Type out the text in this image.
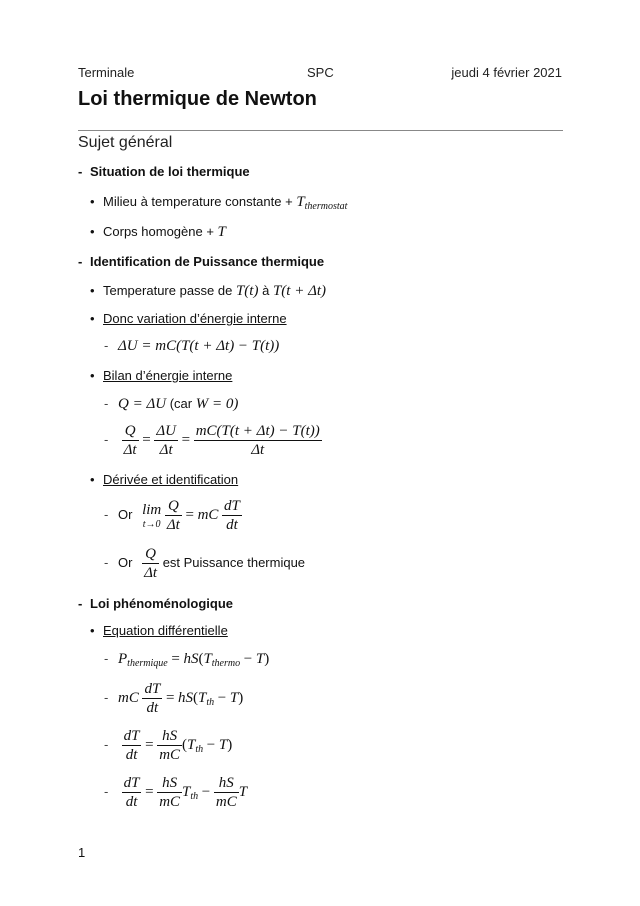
Terminale	SPC	jeudi 4 février 2021
Loi thermique de Newton
Sujet général
- Situation de loi thermique
• Milieu à temperature constante + $T_{thermostat}$
• Corps homogène + T
- Identification de Puissance thermique
• Temperature passe de T(t) à T(t + Δt)
• Donc variation d’énergie interne
- ΔU = mC(T(t + Δt) − T(t))
• Bilan d’énergie interne
- Q = ΔU (car W = 0)
- $\frac{Q}{\Delta t} = \frac{\Delta U}{\Delta t} = \frac{mC(T(t + \Delta t) - T(t))}{\Delta t}$
• Dérivée et identification
- Or lim
t→0
$\frac{Q}{\Delta t}$ = mC $\frac{dT}{dt}$
- Or $\frac{Q}{\Delta t}$ est Puissance thermique
- Loi phénoménologique
• Equation différentielle
- $P_{thermique} = hS(T_{thermo} - T)$
- mC $\frac{dT}{dt} = hS(T_{th} - T)$
- $\frac{dT}{dt} = \frac{hS}{mC} (T_{th} - T)$
- $\frac{dT}{dt} = \frac{hS}{mC} T_{th} - \frac{hS}{mC}$ T
1
